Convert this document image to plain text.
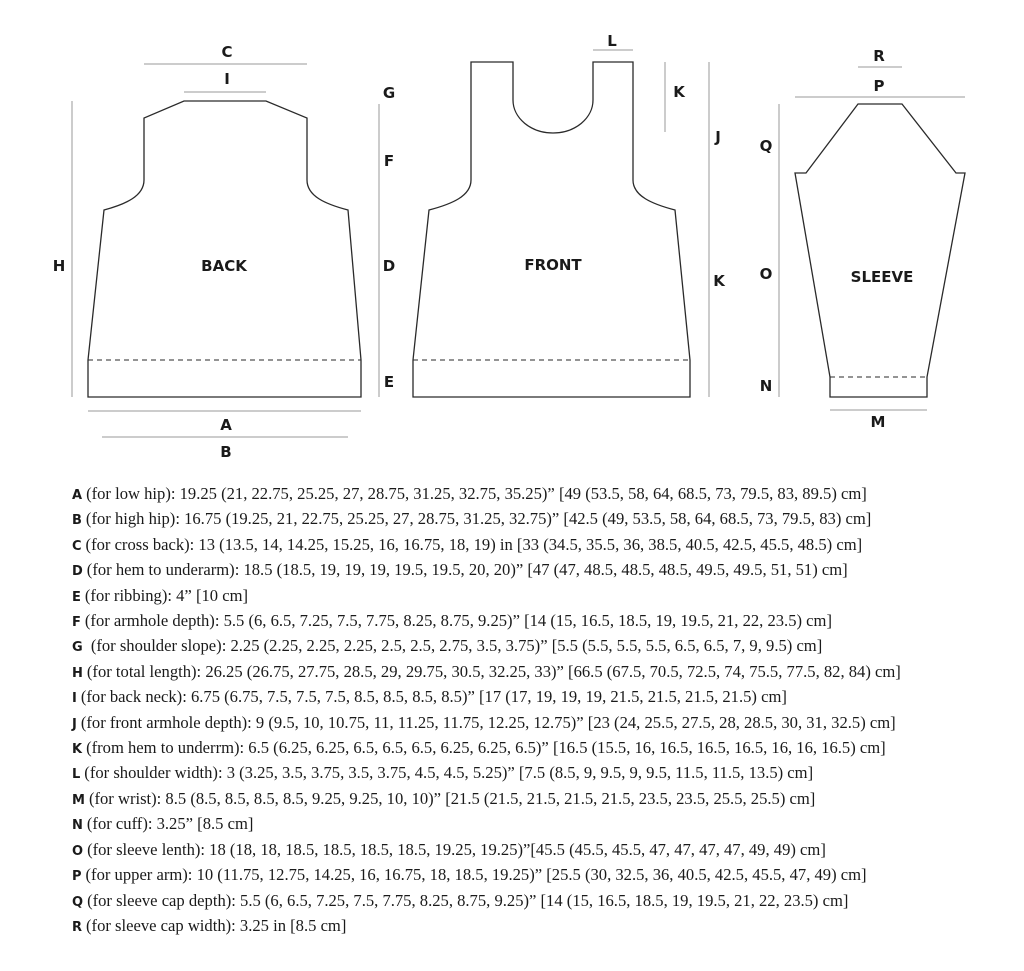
BACK
C
I
H
G
F
D
E
A
B
FRONT
L
K
J
K	SLEEVE
R
P
Q
O
N
M
A (for low hip): 19.25 (21, 22.75, 25.25, 27, 28.75, 31.25, 32.75, 35.25)” [49 (53.5, 58, 64, 68.5, 73, 79.5, 83, 89.5) cm]
B (for high hip): 16.75 (19.25, 21, 22.75, 25.25, 27, 28.75, 31.25, 32.75)” [42.5 (49, 53.5, 58, 64, 68.5, 73, 79.5, 83) cm]
C (for cross back): 13 (13.5, 14, 14.25, 15.25, 16, 16.75, 18, 19) in [33 (34.5, 35.5, 36, 38.5, 40.5, 42.5, 45.5, 48.5) cm]
D (for hem to underarm): 18.5 (18.5, 19, 19, 19, 19.5, 19.5, 20, 20)” [47 (47, 48.5, 48.5, 48.5, 49.5, 49.5, 51, 51) cm]
E (for ribbing): 4” [10 cm]
F (for armhole depth): 5.5 (6, 6.5, 7.25, 7.5, 7.75, 8.25, 8.75, 9.25)” [14 (15, 16.5, 18.5, 19, 19.5, 21, 22, 23.5) cm]
G (for shoulder slope): 2.25 (2.25, 2.25, 2.25, 2.5, 2.5, 2.75, 3.5, 3.75)” [5.5 (5.5, 5.5, 5.5, 6.5, 6.5, 7, 9, 9.5) cm]
H (for total length): 26.25 (26.75, 27.75, 28.5, 29, 29.75, 30.5, 32.25, 33)” [66.5 (67.5, 70.5, 72.5, 74, 75.5, 77.5, 82, 84) cm]
I (for back neck): 6.75 (6.75, 7.5, 7.5, 7.5, 8.5, 8.5, 8.5, 8.5)” [17 (17, 19, 19, 19, 21.5, 21.5, 21.5, 21.5) cm]
J (for front armhole depth): 9 (9.5, 10, 10.75, 11, 11.25, 11.75, 12.25, 12.75)” [23 (24, 25.5, 27.5, 28, 28.5, 30, 31, 32.5) cm]
K (from hem to underrm): 6.5 (6.25, 6.25, 6.5, 6.5, 6.5, 6.25, 6.25, 6.5)” [16.5 (15.5, 16, 16.5, 16.5, 16.5, 16, 16, 16.5) cm]
L (for shoulder width): 3 (3.25, 3.5, 3.75, 3.5, 3.75, 4.5, 4.5, 5.25)” [7.5 (8.5, 9, 9.5, 9, 9.5, 11.5, 11.5, 13.5) cm]
M (for wrist): 8.5 (8.5, 8.5, 8.5, 8.5, 9.25, 9.25, 10, 10)” [21.5 (21.5, 21.5, 21.5, 21.5, 23.5, 23.5, 25.5, 25.5) cm]
N (for cuff): 3.25” [8.5 cm]
O (for sleeve lenth): 18 (18, 18, 18.5, 18.5, 18.5, 18.5, 19.25, 19.25)”[45.5 (45.5, 45.5, 47, 47, 47, 47, 49, 49) cm]
P (for upper arm): 10 (11.75, 12.75, 14.25, 16, 16.75, 18, 18.5, 19.25)” [25.5 (30, 32.5, 36, 40.5, 42.5, 45.5, 47, 49) cm]
Q (for sleeve cap depth): 5.5 (6, 6.5, 7.25, 7.5, 7.75, 8.25, 8.75, 9.25)” [14 (15, 16.5, 18.5, 19, 19.5, 21, 22, 23.5) cm]
R (for sleeve cap width): 3.25 in [8.5 cm]
